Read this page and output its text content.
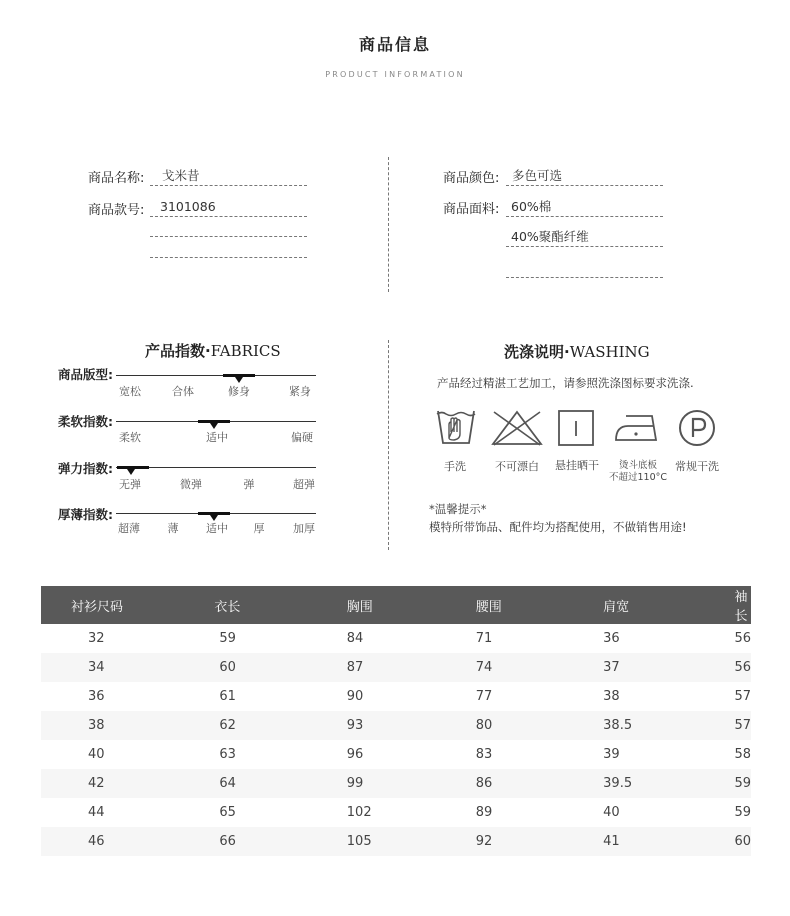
商品信息
PRODUCT INFORMATION
商品名称: 戈米昔
商品款号: 3101086
商品颜色: 多色可选
商品面料: 60%棉
40%聚酯纤维
产品指数·FABRICS
商品版型:
宽松	合体	修身	紧身
柔软指数:
柔软	适中	偏硬
弹力指数:
无弹	微弹	弹	超弹
厚薄指数:
超薄	薄	适中 厚	加厚
洗涤说明·WASHING
产品经过精湛工艺加工，请参照洗涤图标要求洗涤.
手洗	不可漂白 悬挂晒干 烫斗底板
不超过110°C
常规干洗
*温馨提示*
模特所带饰品、配件均为搭配使用，不做销售用途!
衬衫尺码	衣长	胸围	腰围	肩宽	袖长
32	59	84	71	36	56
34	60	87	74	37	56
36	61	90	77	38	57
38	62	93	80	38.5	57
40	63	96	83	39	58
42	64	99	86	39.5	59
44	65	102	89	40	59
46	66	105	92	41	60
